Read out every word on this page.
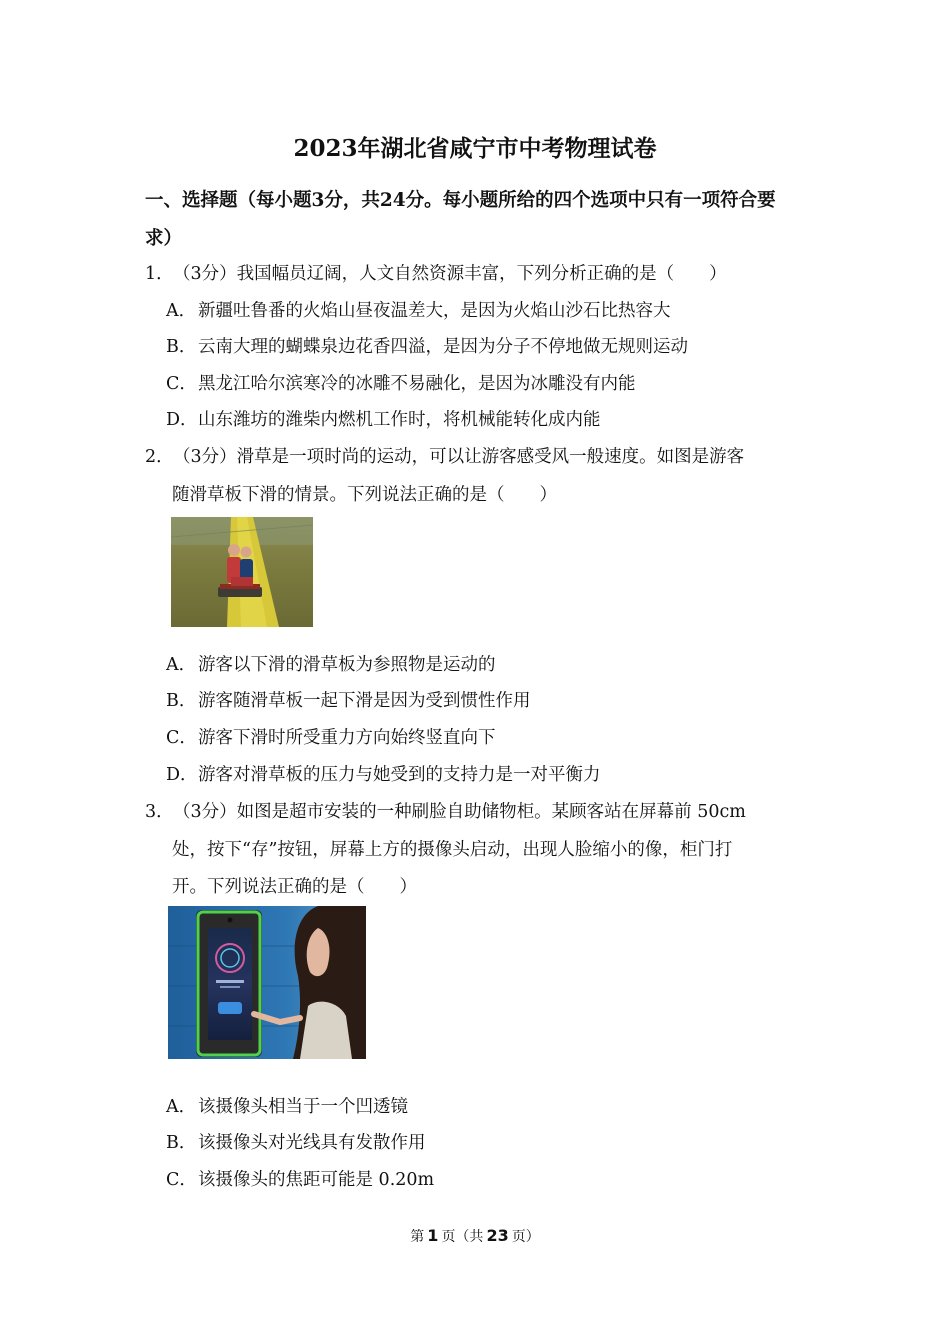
2023年湖北省咸宁市中考物理试卷
一、选择题（每小题3分，共24分。每小题所给的四个选项中只有一项符合要
求）
1．（3分）我国幅员辽阔，人文自然资源丰富，下列分析正确的是（　　）
A． 新疆吐鲁番的火焰山昼夜温差大，是因为火焰山沙石比热容大
B．云南大理的蝴蝶泉边花香四溢，是因为分子不停地做无规则运动
C．黑龙江哈尔滨寒冷的冰雕不易融化，是因为冰雕没有内能
D．山东潍坊的潍柴内燃机工作时，将机械能转化成内能
2．（3分）滑草是一项时尚的运动，可以让游客感受风一般速度。如图是游客
随滑草板下滑的情景。下列说法正确的是（　　）
A． 游客以下滑的滑草板为参照物是运动的
B．游客随滑草板一起下滑是因为受到惯性作用
C．游客下滑时所受重力方向始终竖直向下
D．游客对滑草板的压力与她受到的支持力是一对平衡力
3．（3分）如图是超市安装的一种刷脸自助储物柜。某顾客站在屏幕前 50cm
处，按下“存”按钮，屏幕上方的摄像头启动，出现人脸缩小的像，柜门打
开。下列说法正确的是（　　）
A． 该摄像头相当于一个凹透镜
B．该摄像头对光线具有发散作用
C．该摄像头的焦距可能是 0.20m
第 1 页（共 23 页）
